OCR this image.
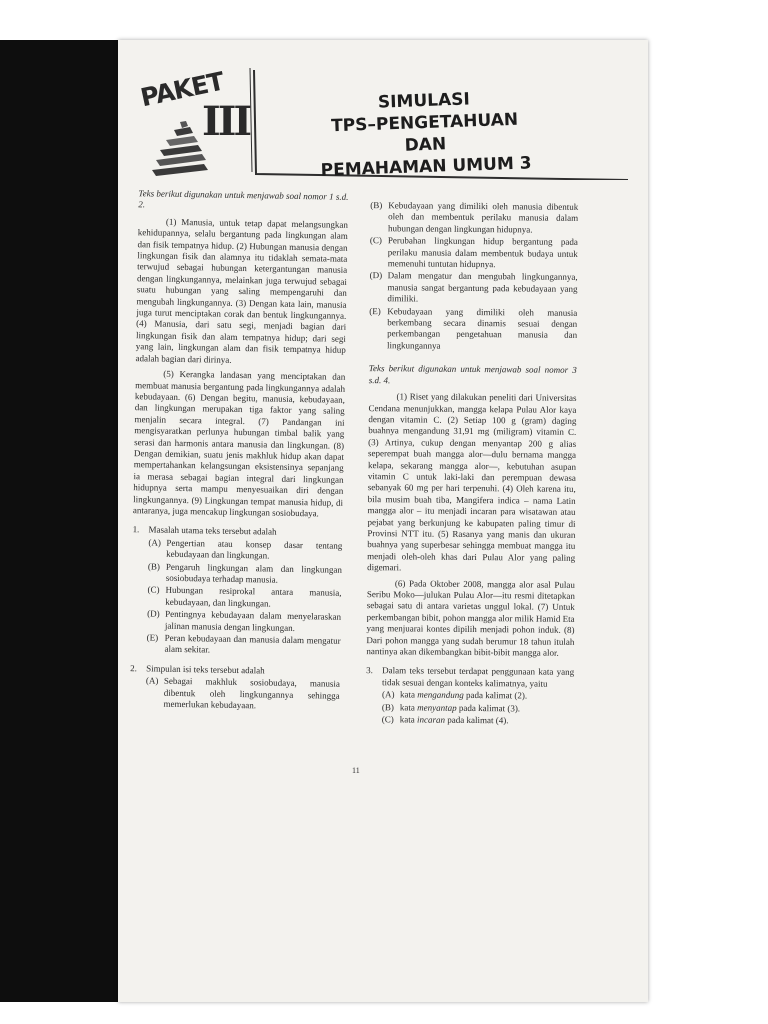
PAKET
III	SIMULASI
TPS–PENGETAHUAN DAN
PEMAHAMAN UMUM 3

Teks berikut digunakan untuk menjawab soal nomor 1 s.d. 2.

(1) Manusia, untuk tetap dapat melangsungkan kehidupannya, selalu bergantung pada lingkungan alam dan fisik tempatnya hidup. (2) Hubungan manusia dengan lingkungan fisik dan alamnya itu tidaklah semata-mata terwujud sebagai hubungan ketergantungan manusia dengan lingkungannya, melainkan juga terwujud sebagai suatu hubungan yang saling mempengaruhi dan mengubah lingkungannya. (3) Dengan kata lain, manusia juga turut menciptakan corak dan bentuk lingkungannya. (4) Manusia, dari satu segi, menjadi bagian dari lingkungan fisik dan alam tempatnya hidup; dari segi yang lain, lingkungan alam dan fisik tempatnya hidup adalah bagian dari dirinya.

(5) Kerangka landasan yang menciptakan dan membuat manusia bergantung pada lingkungannya adalah kebudayaan. (6) Dengan begitu, manusia, kebudayaan, dan lingkungan merupakan tiga faktor yang saling menjalin secara integral. (7) Pandangan ini mengisyaratkan perlunya hubungan timbal balik yang serasi dan harmonis antara manusia dan lingkungan. (8) Dengan demikian, suatu jenis makhluk hidup akan dapat mempertahankan kelangsungan eksistensinya sepanjang ia merasa sebagai bagian integral dari lingkungan hidupnya serta mampu menyesuaikan diri dengan lingkungannya. (9) Lingkungan tempat manusia hidup, di antaranya, juga mencakup lingkungan sosiobudaya.

1.	Masalah utama teks tersebut adalah
(A) Pengertian atau konsep dasar tentang kebudayaan dan lingkungan.
(B) Pengaruh lingkungan alam dan lingkungan sosiobudaya terhadap manusia.
(C) Hubungan resiprokal antara manusia, kebudayaan, dan lingkungan.
(D) Pentingnya kebudayaan dalam menyelaraskan jalinan manusia dengan lingkungan.
(E) Peran kebudayaan dan manusia dalam mengatur alam sekitar.
2.	Simpulan isi teks tersebut adalah
(A) Sebagai makhluk sosiobudaya, manusia dibentuk oleh lingkungannya sehingga memerlukan kebudayaan.
(B) Kebudayaan yang dimiliki oleh manusia dibentuk oleh dan membentuk perilaku manusia dalam hubungan dengan lingkungan hidupnya.
(C) Perubahan lingkungan hidup bergantung pada perilaku manusia dalam membentuk budaya untuk memenuhi tuntutan hidupnya.
(D) Dalam mengatur dan mengubah lingkungannya, manusia sangat bergantung pada kebudayaan yang dimiliki.
(E) Kebudayaan yang dimiliki oleh manusia berkembang secara dinamis sesuai dengan perkembangan pengetahuan manusia dan lingkungannya

Teks berikut digunakan untuk menjawab soal nomor 3 s.d. 4.

(1) Riset yang dilakukan peneliti dari Universitas Cendana menunjukkan, mangga kelapa Pulau Alor kaya dengan vitamin C. (2) Setiap 100 g (gram) daging buahnya mengandung 31,91 mg (miligram) vitamin C. (3) Artinya, cukup dengan menyantap 200 g alias seperempat buah mangga alor—dulu bernama mangga kelapa, sekarang mangga alor—, kebutuhan asupan vitamin C untuk laki-laki dan perempuan dewasa sebanyak 60 mg per hari terpenuhi. (4) Oleh karena itu, bila musim buah tiba, Mangifera indica – nama Latin mangga alor – itu menjadi incaran para wisatawan atau pejabat yang berkunjung ke kabupaten paling timur di Provinsi NTT itu. (5) Rasanya yang manis dan ukuran buahnya yang superbesar sehingga membuat mangga itu menjadi oleh-oleh khas dari Pulau Alor yang paling digemari.

(6) Pada Oktober 2008, mangga alor asal Pulau Seribu Moko—julukan Pulau Alor—itu resmi ditetapkan sebagai satu di antara varietas unggul lokal. (7) Untuk perkembangan bibit, pohon mangga alor milik Hamid Eta yang menjuarai kontes dipilih menjadi pohon induk. (8) Dari pohon mangga yang sudah berumur 18 tahun itulah nantinya akan dikembangkan bibit-bibit mangga alor.

3.	Dalam teks tersebut terdapat penggunaan kata yang tidak sesuai dengan konteks kalimatnya, yaitu
(A) kata mengandung pada kalimat (2).
(B) kata menyantap pada kalimat (3).
(C) kata incaran pada kalimat (4).
11
